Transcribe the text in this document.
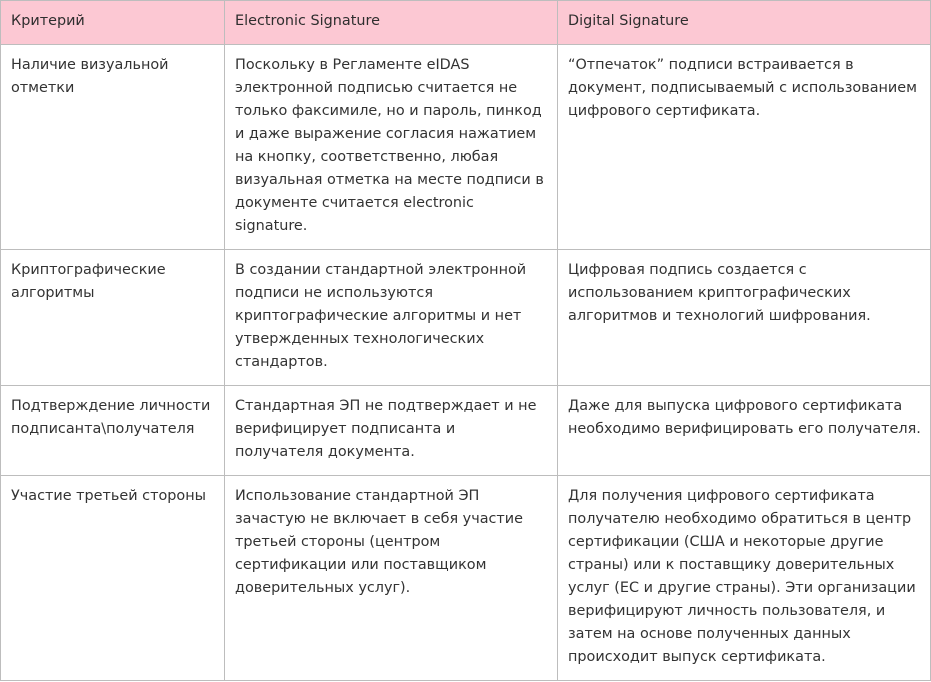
Критерий	Electronic Signature	Digital Signature
Наличие визуальной отметки	Поскольку в Регламенте eIDAS электронной подписью считается не только факсимиле, но и пароль, пинкод и даже выражение согласия нажатием на кнопку, соответственно, любая визуальная отметка на месте подписи в документе считается electronic signature.	“Отпечаток” подписи встраивается в документ, подписываемый с использованием цифрового сертификата.
Криптографические алгоритмы	В создании стандартной электронной подписи не используются криптографические алгоритмы и нет утвержденных технологических стандартов.	Цифровая подпись создается с использованием криптографических алгоритмов и технологий шифрования.
Подтверждение личности подписанта\получателя	Стандартная ЭП не подтверждает и не верифицирует подписанта и получателя документа.	Даже для выпуска цифрового сертификата необходимо верифицировать его получателя.
Участие третьей стороны	Использование стандартной ЭП зачастую не включает в себя участие третьей стороны (центром сертификации или поставщиком доверительных услуг).	Для получения цифрового сертификата получателю необходимо обратиться в центр сертификации (США и некоторые другие страны) или к поставщику доверительных услуг (ЕС и другие страны). Эти организации верифицируют личность пользователя, и затем на основе полученных данных происходит выпуск сертификата.
